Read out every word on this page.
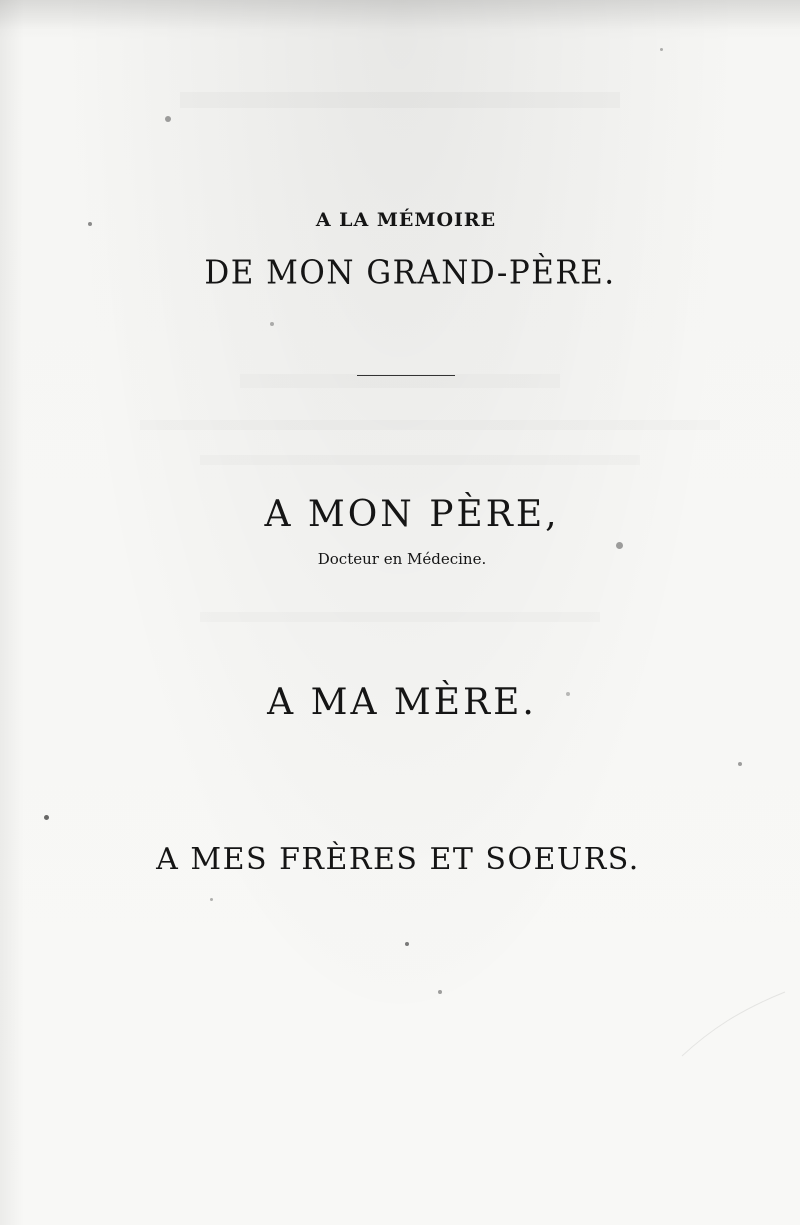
A LA MÉMOIRE
DE MON GRAND-PÈRE.
A MON PÈRE,
Docteur en Médecine.
A MA MÈRE.
A MES FRÈRES ET SOEURS.
